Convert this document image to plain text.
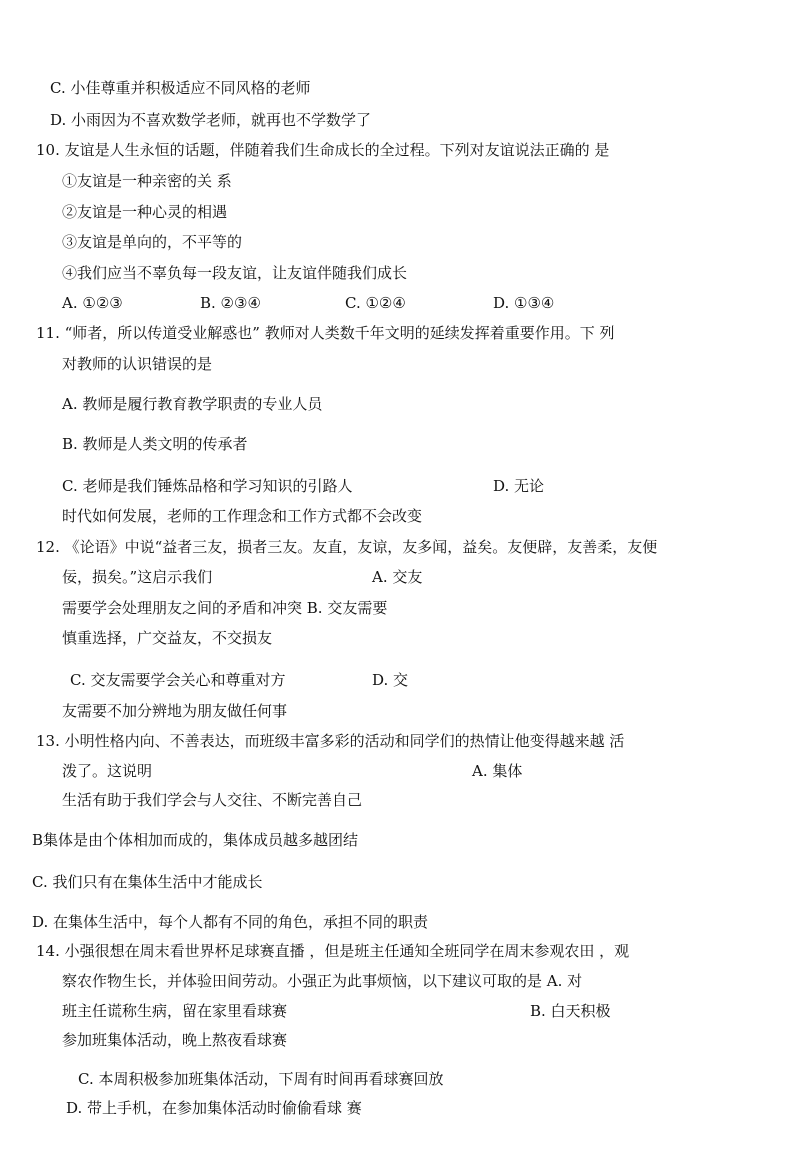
C. 小佳尊重并积极适应不同风格的老师
D. 小雨因为不喜欢数学老师，就再也不学数学了
10. 友谊是人生永恒的话题，伴随着我们生命成长的全过程。下列对友谊说法正确的 是
①友谊是一种亲密的关 系
②友谊是一种心灵的相遇
③友谊是单向的，不平等的
④我们应当不辜负每一段友谊，让友谊伴随我们成长
A. ①②③	B. ②③④	C. ①②④	D. ①③④
11. “师者，所以传道受业解惑也” 教师对人类数千年文明的延续发挥着重要作用。下 列
对教师的认识错误的是
A. 教师是履行教育教学职责的专业人员
B. 教师是人类文明的传承者
C. 老师是我们锤炼品格和学习知识的引路人	D. 无论
时代如何发展，老师的工作理念和工作方式都不会改变
12. 《论语》中说“益者三友，损者三友。友直，友谅，友多闻，益矣。友便辟，友善柔，友便
佞，损矣。”这启示我们	A. 交友
需要学会处理朋友之间的矛盾和冲突 B. 交友需要
慎重选择，广交益友，不交损友
C. 交友需要学会关心和尊重对方	D. 交
友需要不加分辨地为朋友做任何事
13. 小明性格内向、不善表达，而班级丰富多彩的活动和同学们的热情让他变得越来越 活
泼了。这说明	A. 集体
生活有助于我们学会与人交往、不断完善自己
B集体是由个体相加而成的，集体成员越多越团结
C. 我们只有在集体生活中才能成长
D. 在集体生活中，每个人都有不同的角色，承担不同的职责
14. 小强很想在周末看世界杯足球赛直播 ，但是班主任通知全班同学在周末参观农田 ，观
察农作物生长，并体验田间劳动。小强正为此事烦恼，以下建议可取的是 A. 对
班主任谎称生病，留在家里看球赛	B. 白天积极
参加班集体活动，晚上熬夜看球赛
C. 本周积极参加班集体活动，下周有时间再看球赛回放
D. 带上手机，在参加集体活动时偷偷看球 赛
